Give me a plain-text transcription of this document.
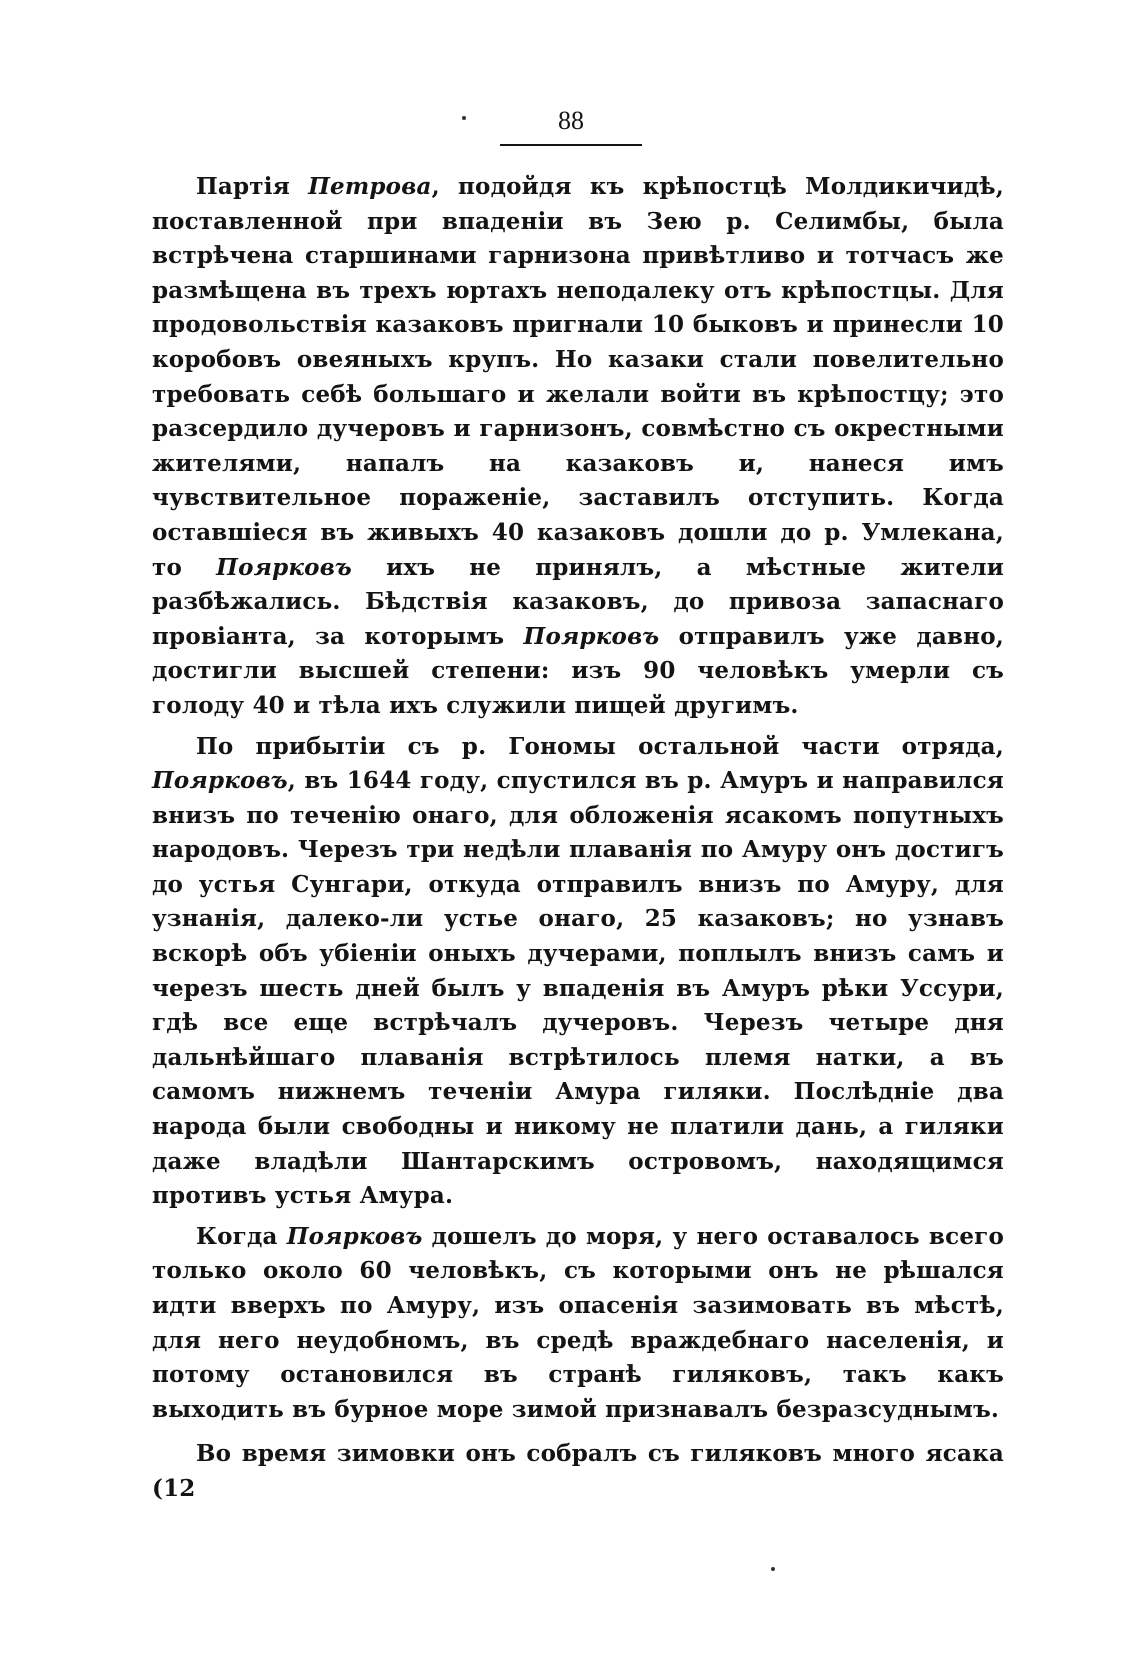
88

Партія Петрова, подойдя къ крѣпостцѣ Молдикичидѣ, поставленной при впаденіи въ Зею р. Селимбы, была встрѣчена старшинами гарнизона привѣтливо и тотчасъ же размѣщена въ трехъ юртахъ неподалеку отъ крѣпостцы. Для продовольствія казаковъ пригнали 10 быковъ и принесли 10 коробовъ овеяныхъ крупъ. Но казаки стали повелительно требовать себѣ большаго и желали войти въ крѣпостцу; это разсердило дучеровъ и гарнизонъ, совмѣстно съ окрестными жителями, напалъ на казаковъ и, нанеся имъ чувствительное пораженіе, заставилъ отступить. Когда оставшіеся въ живыхъ 40 казаковъ дошли до р. Умлекана, то Поярковъ ихъ не принялъ, а мѣстные жители разбѣжались. Бѣдствія казаковъ, до привоза запаснаго провіанта, за которымъ Поярковъ отправилъ уже давно, достигли высшей степени: изъ 90 человѣкъ умерли съ голоду 40 и тѣла ихъ служили пищей другимъ.

По прибытіи съ р. Гономы остальной части отряда, Поярковъ, въ 1644 году, спустился въ р. Амуръ и направился внизъ по теченію онаго, для обложенія ясакомъ попутныхъ народовъ. Черезъ три недѣли плаванія по Амуру онъ достигъ до устья Сунгари, откуда отправилъ внизъ по Амуру, для узнанія, далеко-ли устье онаго, 25 казаковъ; но узнавъ вскорѣ объ убіеніи оныхъ дучерами, поплылъ внизъ самъ и черезъ шесть дней былъ у впаденія въ Амуръ рѣки Уссури, гдѣ все еще встрѣчалъ дучеровъ. Черезъ четыре дня дальнѣйшаго плаванія встрѣтилось племя натки, а въ самомъ нижнемъ теченіи Амура гиляки. Послѣдніе два народа были свободны и никому не платили дань, а гиляки даже владѣли Шантарскимъ островомъ, находящимся противъ устья Амура.

Когда Поярковъ дошелъ до моря, у него оставалось всего только около 60 человѣкъ, съ которыми онъ не рѣшался идти вверхъ по Амуру, изъ опасенія зазимовать въ мѣстѣ, для него неудобномъ, въ средѣ враждебнаго населенія, и потому остановился въ странѣ гиляковъ, такъ какъ выходить въ бурное море зимой признавалъ безразсуднымъ.

Во время зимовки онъ собралъ съ гиляковъ много ясака (12
